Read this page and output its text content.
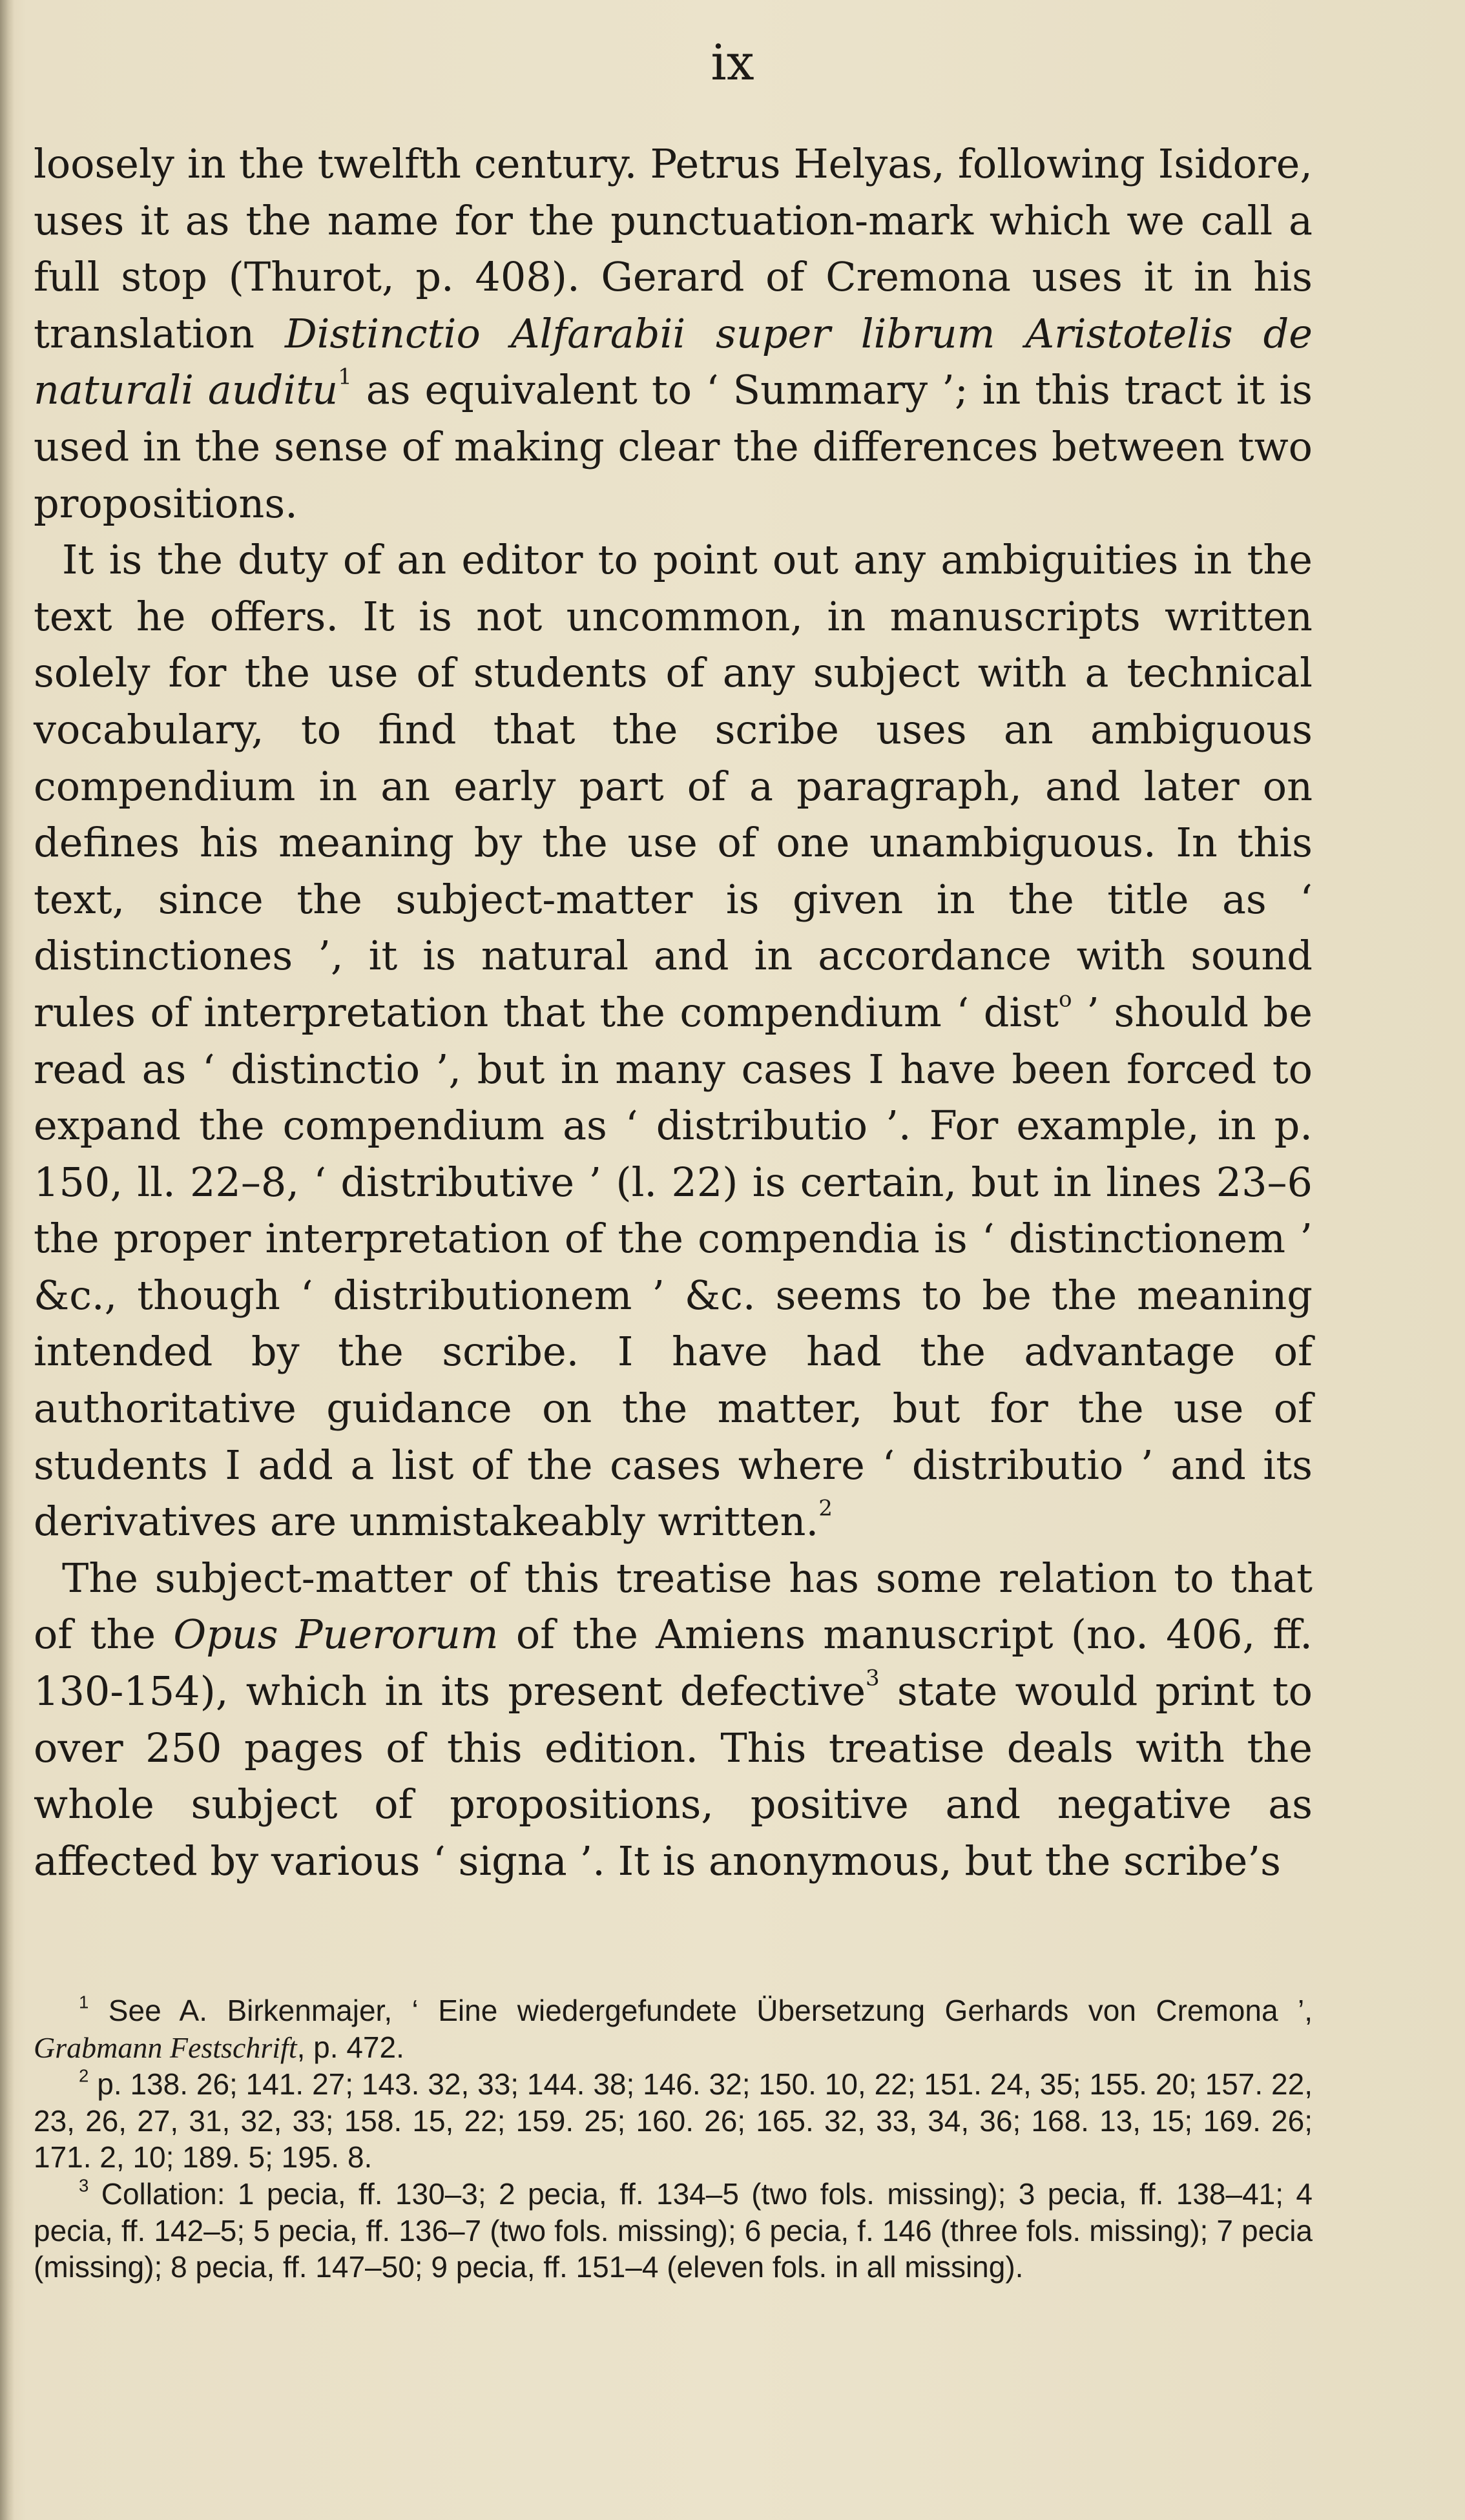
ix

loosely in the twelfth century. Petrus Helyas, following Isidore, uses it as the name for the punctuation-mark which we call a full stop (Thurot, p. 408). Gerard of Cremona uses it in his translation Distinctio Alfarabii super librum Aristotelis de naturali auditu$^1$ as equivalent to ‘ Summary ’; in this tract it is used in the sense of making clear the differences between two propositions.

It is the duty of an editor to point out any ambiguities in the text he offers. It is not uncommon, in manuscripts written solely for the use of students of any subject with a technical vocabulary, to find that the scribe uses an ambiguous compendium in an early part of a paragraph, and later on defines his meaning by the use of one unambiguous. In this text, since the subject-matter is given in the title as ‘ distinctiones ’, it is natural and in accordance with sound rules of interpretation that the compendium ‘ dist$^o$ ’ should be read as ‘ distinctio ’, but in many cases I have been forced to expand the compendium as ‘ distributio ’. For example, in p. 150, ll. 22–8, ‘ distributive ’ (l. 22) is certain, but in lines 23–6 the proper interpretation of the compendia is ‘ distinctionem ’ &c., though ‘ distributionem ’ &c. seems to be the meaning intended by the scribe. I have had the advantage of authoritative guidance on the matter, but for the use of students I add a list of the cases where ‘ distributio ’ and its derivatives are unmistakeably written.$^2$

The subject-matter of this treatise has some relation to that of the Opus Puerorum of the Amiens manuscript (no. 406, ff. 130-154), which in its present defective$^3$ state would print to over 250 pages of this edition. This treatise deals with the whole subject of propositions, positive and negative as affected by various ‘ signa ’. It is anonymous, but the scribe’s

$^1$ See A. Birkenmajer, ‘ Eine wiedergefundete Übersetzung Gerhards von Cremona ’, Grabmann Festschrift, p. 472.

$^2$ p. 138. 26; 141. 27; 143. 32, 33; 144. 38; 146. 32; 150. 10, 22; 151. 24, 35; 155. 20; 157. 22, 23, 26, 27, 31, 32, 33; 158. 15, 22; 159. 25; 160. 26; 165. 32, 33, 34, 36; 168. 13, 15; 169. 26; 171. 2, 10; 189. 5; 195. 8.

$^3$ Collation: 1 pecia, ff. 130–3; 2 pecia, ff. 134–5 (two fols. missing); 3 pecia, ff. 138–41; 4 pecia, ff. 142–5; 5 pecia, ff. 136–7 (two fols. missing); 6 pecia, f. 146 (three fols. missing); 7 pecia (missing); 8 pecia, ff. 147–50; 9 pecia, ff. 151–4 (eleven fols. in all missing).
